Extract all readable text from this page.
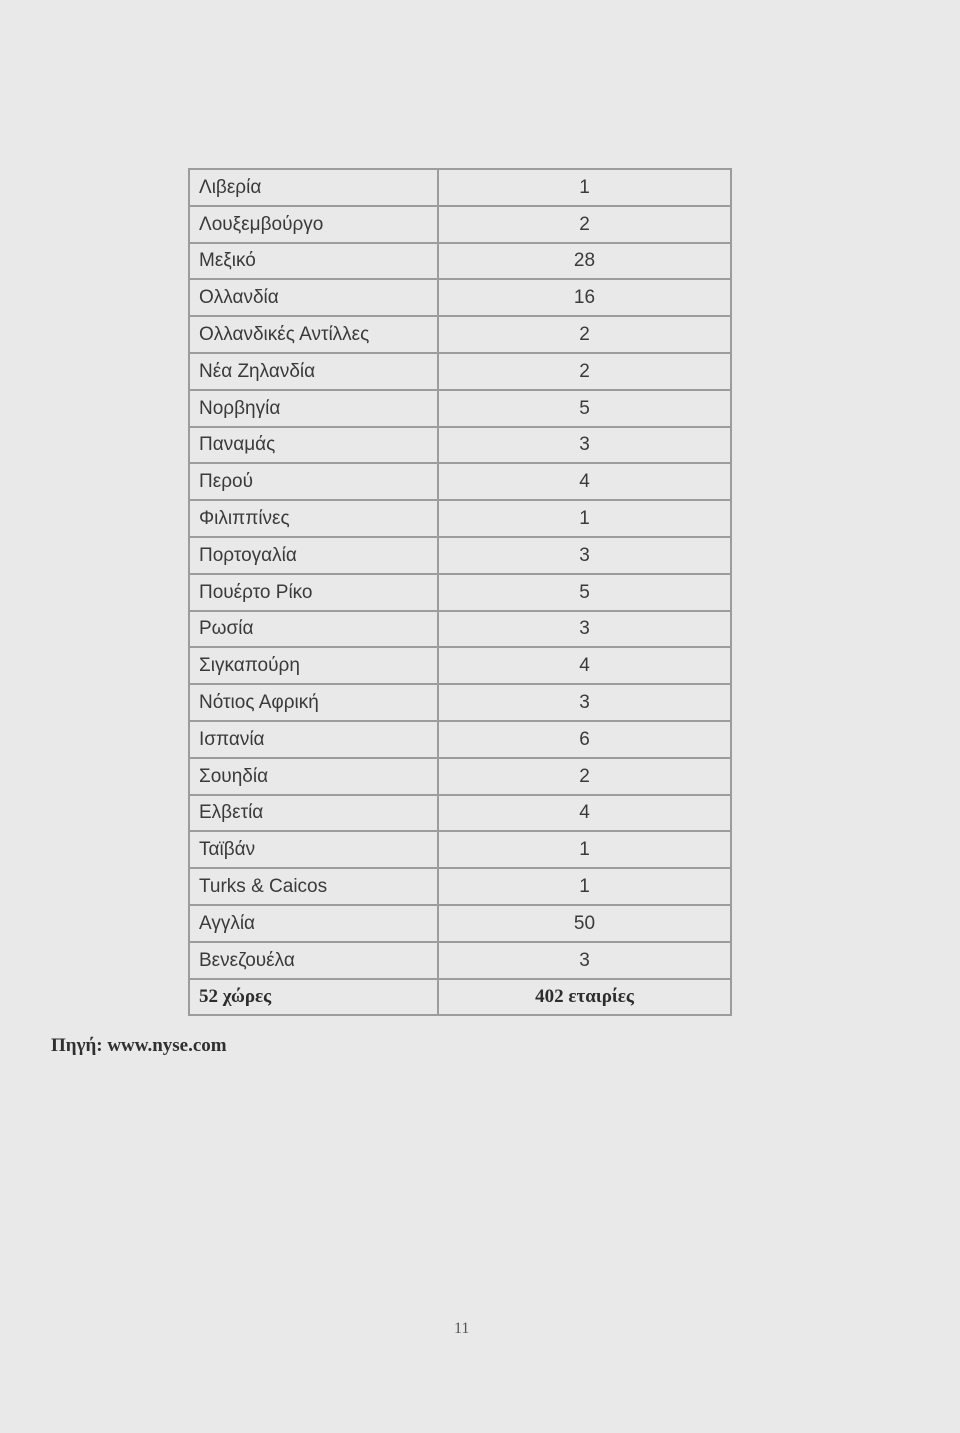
Λιβερία	1
Λουξεμβούργο	2
Μεξικό	28
Ολλανδία	16
Ολλανδικές Αντίλλες	2
Νέα Ζηλανδία	2
Νορβηγία	5
Παναμάς	3
Περού	4
Φιλιππίνες	1
Πορτογαλία	3
Πουέρτο Ρίκο	5
Ρωσία	3
Σιγκαπούρη	4
Νότιος Αφρική	3
Ισπανία	6
Σουηδία	2
Ελβετία	4
Ταϊβάν	1
Turks & Caicos	1
Αγγλία	50
Βενεζουέλα	3
52 χώρες	402 εταιρίες
Πηγή: www.nyse.com
11
